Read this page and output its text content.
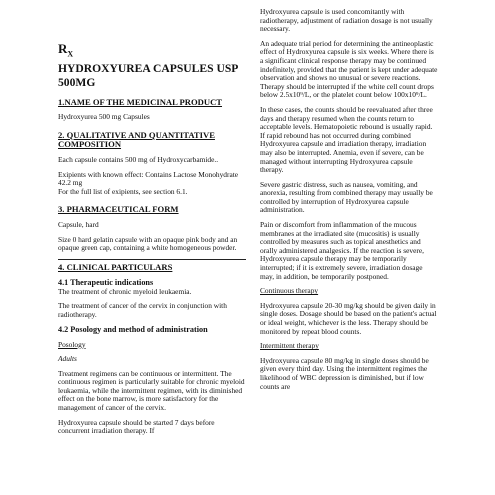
$R_X$
HYDROXYUREA CAPSULES USP
500MG
1.NAME OF THE MEDICINAL PRODUCT
Hydroxyurea 500 mg Capsules
2. QUALITATIVE AND QUANTITATIVE COMPOSITION
Each capsule contains 500 mg of Hydroxycarbamide..
Exipients with known effect: Contains Lactose Monohydrate 42.2 mg
For the full list of exipients, see section 6.1.
3. PHARMACEUTICAL FORM
Capsule, hard
Size 0 hard gelatin capsule with an opaque pink body and an opaque green cap, containing a white homogeneous powder.
4. CLINICAL PARTICULARS
4.1 Therapeutic indications
The treatment of chronic myeloid leukaemia.
The treatment of cancer of the cervix in conjunction with radiotherapy.
4.2 Posology and method of administration
Posology
Adults
Treatment regimens can be continuous or intermittent. The continuous regimen is particularly suitable for chronic myeloid leukaemia, while the intermittent regimen, with its diminished effect on the bone marrow, is more satisfactory for the management of cancer of the cervix.
Hydroxyurea capsule should be started 7 days before concurrent irradiation therapy. If
Hydroxyurea capsule is used concomitantly with radiotherapy, adjustment of radiation dosage is not usually necessary.
An adequate trial period for determining the antineoplastic effect of Hydroxyurea capsule is six weeks. Where there is a significant clinical response therapy may be continued indefinitely, provided that the patient is kept under adequate observation and shows no unusual or severe reactions. Therapy should be interrupted if the white cell count drops below 2.5x10⁹/L, or the platelet count below 100x10⁹/L.
In these cases, the counts should be reevaluated after three days and therapy resumed when the counts return to acceptable levels. Hematopoietic rebound is usually rapid. If rapid rebound has not occurred during combined Hydroxyurea capsule and irradiation therapy, irradiation may also be interrupted. Anemia, even if severe, can be managed without interrupting Hydroxyurea capsule therapy.
Severe gastric distress, such as nausea, vomiting, and anorexia, resulting from combined therapy may usually be controlled by interruption of Hydroxyurea capsule administration.
Pain or discomfort from inflammation of the mucous membranes at the irradiated site (mucositis) is usually controlled by measures such as topical anesthetics and orally administered analgesics. If the reaction is severe, Hydroxyurea capsule therapy may be temporarily interrupted; if it is extremely severe, irradiation dosage may, in addition, be temporarily postponed.
Continuous therapy
Hydroxyurea capsule 20-30 mg/kg should be given daily in single doses. Dosage should be based on the patient's actual or ideal weight, whichever is the less. Therapy should be monitored by repeat blood counts.
Intermittent therapy
Hydroxyurea capsule 80 mg/kg in single doses should be given every third day. Using the intermittent regimes the likelihood of WBC depression is diminished, but if low counts are
